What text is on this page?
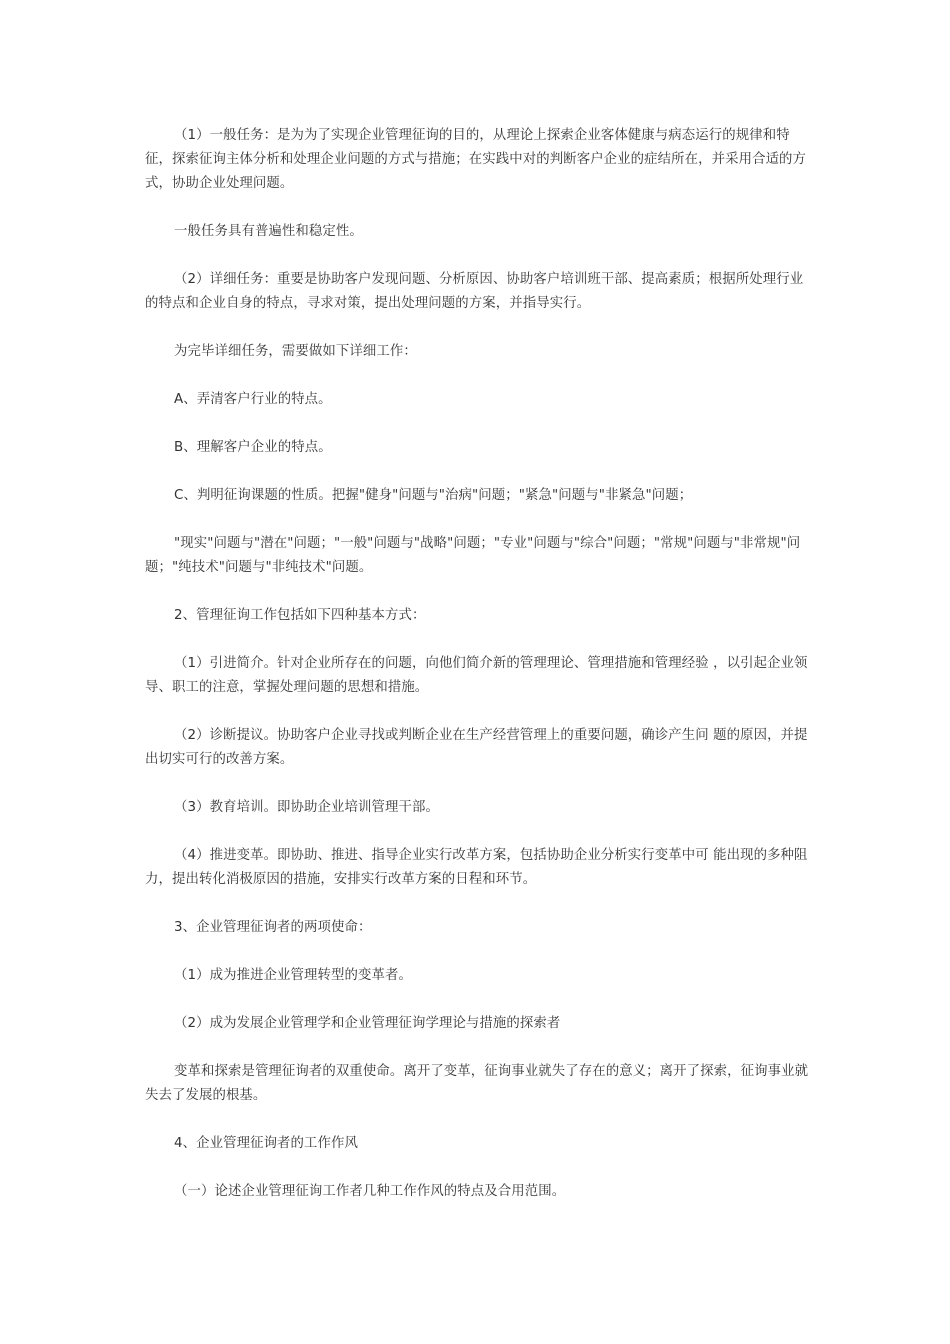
（1）一般任务：是为为了实现企业管理征询的目的，从理论上探索企业客体健康与病态运行的规律和特征，探索征询主体分析和处理企业问题的方式与措施；在实践中对的判断客户企业的症结所在，并采用合适的方式，协助企业处理问题。

一般任务具有普遍性和稳定性。

（2）详细任务：重要是协助客户发现问题、分析原因、协助客户培训班干部、提高素质；根据所处理行业的特点和企业自身的特点，寻求对策，提出处理问题的方案，并指导实行。

为完毕详细任务，需要做如下详细工作：

A、弄清客户行业的特点。

B、理解客户企业的特点。

C、判明征询课题的性质。把握"健身"问题与"治病"问题；"紧急"问题与"非紧急"问题；

"现实"问题与"潜在"问题；"一般"问题与"战略"问题；"专业"问题与"综合"问题；"常规"问题与"非常规"问题；"纯技术"问题与"非纯技术"问题。

2、管理征询工作包括如下四种基本方式：

（1）引进简介。针对企业所存在的问题，向他们简介新的管理理论、管理措施和管理经验 ，以引起企业领导、职工的注意，掌握处理问题的思想和措施。

（2）诊断提议。协助客户企业寻找或判断企业在生产经营管理上的重要问题，确诊产生问 题的原因，并提出切实可行的改善方案。

（3）教育培训。即协助企业培训管理干部。

（4）推进变革。即协助、推进、指导企业实行改革方案，包括协助企业分析实行变革中可 能出现的多种阻力，提出转化消极原因的措施，安排实行改革方案的日程和环节。

3、企业管理征询者的两项使命：

（1）成为推进企业管理转型的变革者。

（2）成为发展企业管理学和企业管理征询学理论与措施的探索者

变革和探索是管理征询者的双重使命。离开了变革，征询事业就失了存在的意义；离开了探索，征询事业就失去了发展的根基。

4、企业管理征询者的工作作风

（一）论述企业管理征询工作者几种工作作风的特点及合用范围。
